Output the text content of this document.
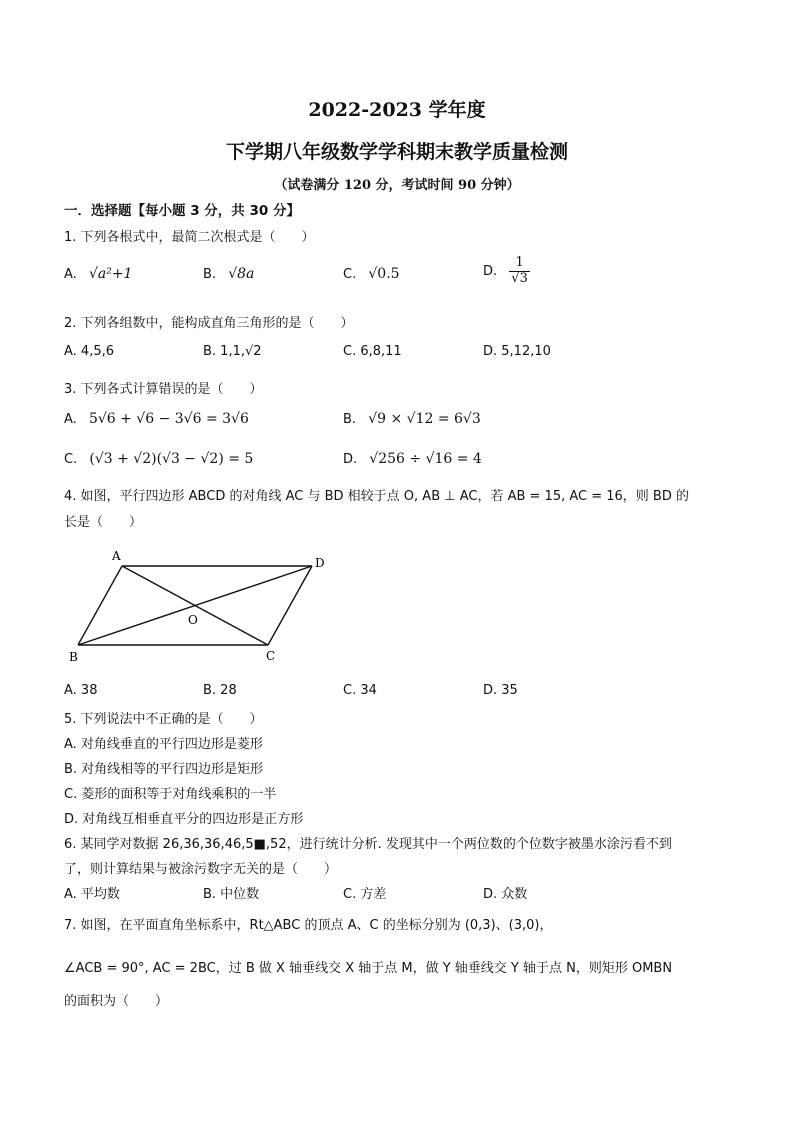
2022-2023 学年度
下学期八年级数学学科期末教学质量检测
（试卷满分 120 分，考试时间 90 分钟）
一．选择题【每小题 3 分，共 30 分】
1. 下列各根式中，最简二次根式是（　　）
A. √a²+1	B. √8a	C. √0.5	D. $\frac{1}{√3}$
2. 下列各组数中，能构成直角三角形的是（　　）
A. 4,5,6	B. 1,1,√2	C. 6,8,11	D. 5,12,10
3. 下列各式计算错误的是（　　）
A. 5√6 + √6 − 3√6 = 3√6	B. √9 × √12 = 6√3
C. (√3 + √2)(√3 − √2) = 5	D. √256 ÷ √16 = 4
4. 如图，平行四边形 ABCD 的对角线 AC 与 BD 相较于点 O, AB ⊥ AC，若 AB = 15, AC = 16，则 BD 的
长是（　　）
A	D
O
B	C
A. 38	B. 28	C. 34	D. 35
5. 下列说法中不正确的是（　　）
A. 对角线垂直的平行四边形是菱形
B. 对角线相等的平行四边形是矩形
C. 菱形的面积等于对角线乘积的一半
D. 对角线互相垂直平分的四边形是正方形
6. 某同学对数据 26,36,36,46,5■,52，进行统计分析. 发现其中一个两位数的个位数字被墨水涂污看不到
了，则计算结果与被涂污数字无关的是（　　）
A. 平均数	B. 中位数	C. 方差	D. 众数
7. 如图，在平面直角坐标系中，Rt△ABC 的顶点 A、C 的坐标分别为 (0,3)、(3,0)，
∠ACB = 90°, AC = 2BC，过 B 做 X 轴垂线交 X 轴于点 M，做 Y 轴垂线交 Y 轴于点 N，则矩形 OMBN
的面积为（　　）
